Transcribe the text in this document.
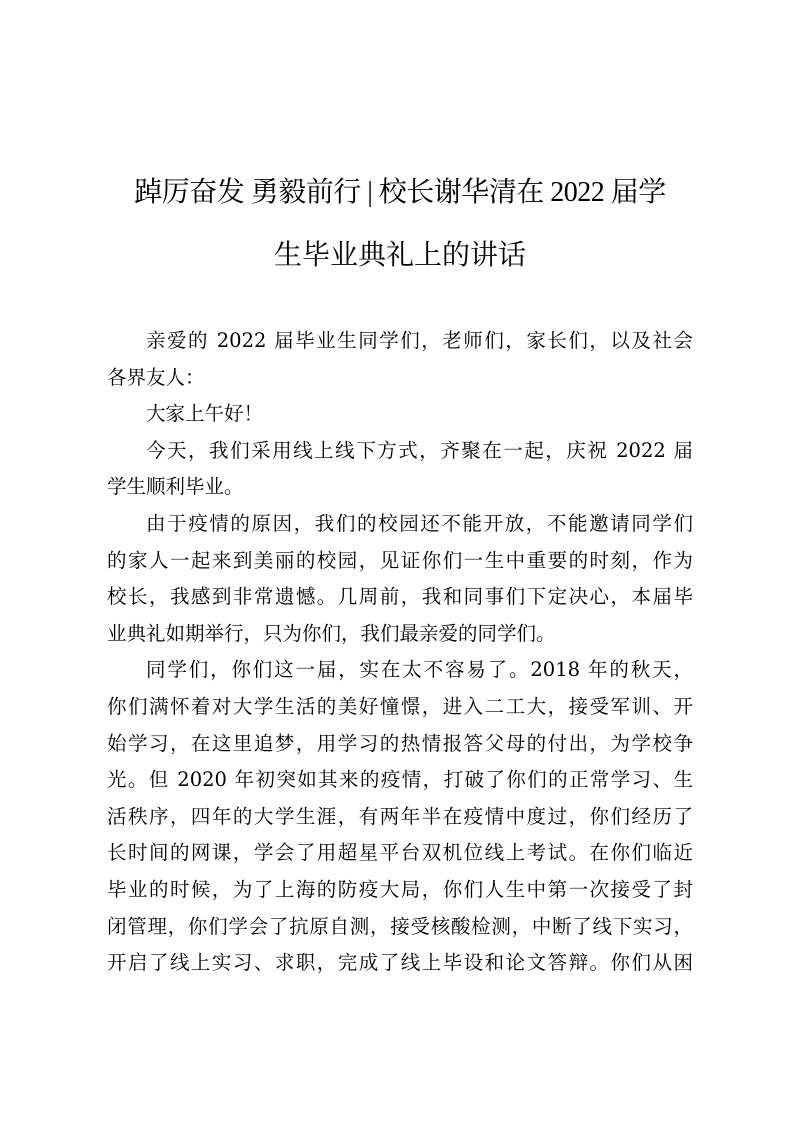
踔厉奋发 勇毅前行 | 校长谢华清在 2022 届学
生毕业典礼上的讲话
亲爱的 2022 届毕业生同学们，老师们，家长们，以及社会
各界友人：
大家上午好！
今天，我们采用线上线下方式，齐聚在一起，庆祝 2022 届
学生顺利毕业。
由于疫情的原因，我们的校园还不能开放，不能邀请同学们
的家人一起来到美丽的校园，见证你们一生中重要的时刻，作为
校长，我感到非常遗憾。几周前，我和同事们下定决心，本届毕
业典礼如期举行，只为你们，我们最亲爱的同学们。
同学们，你们这一届，实在太不容易了。2018 年的秋天，
你们满怀着对大学生活的美好憧憬，进入二工大，接受军训、开
始学习，在这里追梦，用学习的热情报答父母的付出，为学校争
光。但 2020 年初突如其来的疫情，打破了你们的正常学习、生
活秩序，四年的大学生涯，有两年半在疫情中度过，你们经历了
长时间的网课，学会了用超星平台双机位线上考试。在你们临近
毕业的时候，为了上海的防疫大局，你们人生中第一次接受了封
闭管理，你们学会了抗原自测，接受核酸检测，中断了线下实习，
开启了线上实习、求职，完成了线上毕设和论文答辩。你们从困
